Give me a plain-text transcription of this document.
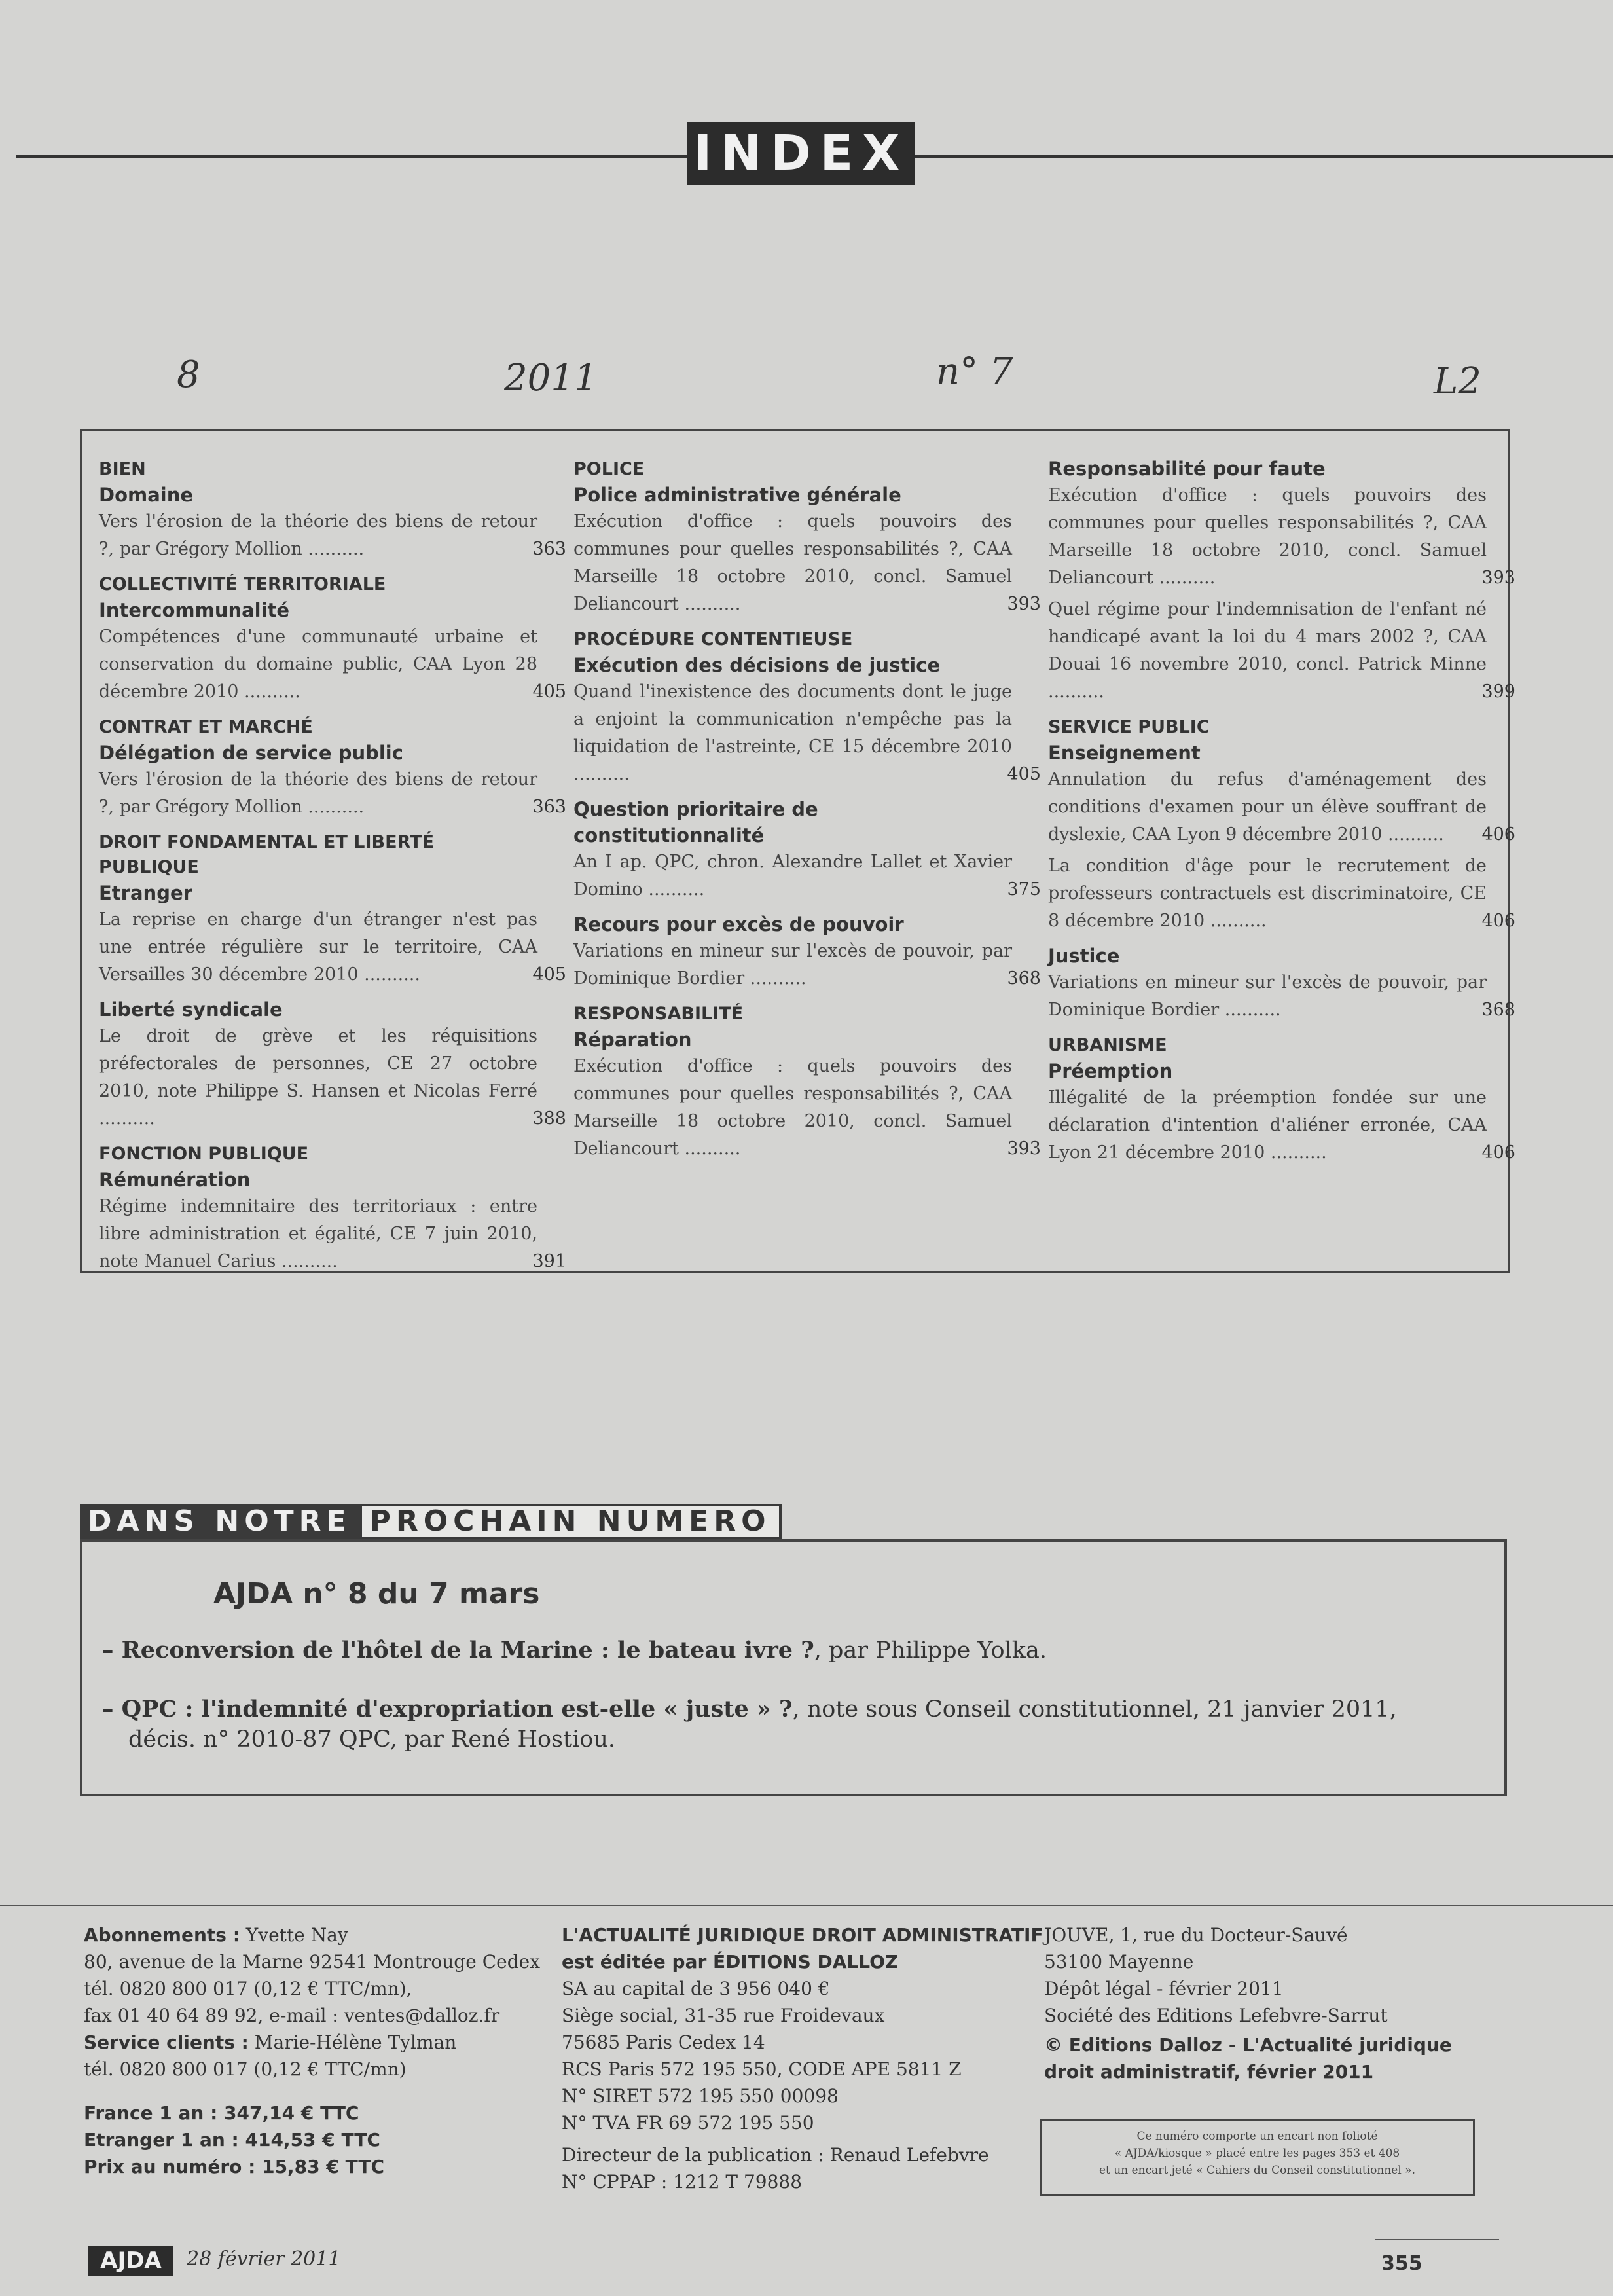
INDEX
8	2011	n° 7	L2
BIEN
Domaine
Vers l'érosion de la théorie des biens de retour ?, par Grégory Mollion ..........	363
COLLECTIVITÉ TERRITORIALE
Intercommunalité
Compétences d'une communauté urbaine et conservation du domaine public, CAA Lyon 28 décembre 2010 ..........	405
CONTRAT ET MARCHÉ
Délégation de service public
Vers l'érosion de la théorie des biens de retour ?, par Grégory Mollion ..........	363
DROIT FONDAMENTAL ET LIBERTÉ PUBLIQUE
Etranger
La reprise en charge d'un étranger n'est pas une entrée régulière sur le territoire, CAA Versailles 30 décembre 2010 ..........	405
Liberté syndicale
Le droit de grève et les réquisitions préfectorales de personnes, CE 27 octobre 2010, note Philippe S. Hansen et Nicolas Ferré ..........	388
FONCTION PUBLIQUE
Rémunération
Régime indemnitaire des territoriaux : entre libre administration et égalité, CE 7 juin 2010, note Manuel Carius ..........	391
POLICE
Police administrative générale
Exécution d'office : quels pouvoirs des communes pour quelles responsabilités ?, CAA Marseille 18 octobre 2010, concl. Samuel Deliancourt ..........	393
PROCÉDURE CONTENTIEUSE
Exécution des décisions de justice
Quand l'inexistence des documents dont le juge a enjoint la communication n'empêche pas la liquidation de l'astreinte, CE 15 décembre 2010 ..........	405
Question prioritaire de constitutionnalité
An I ap. QPC, chron. Alexandre Lallet et Xavier Domino ..........	375
Recours pour excès de pouvoir
Variations en mineur sur l'excès de pouvoir, par Dominique Bordier ..........	368
RESPONSABILITÉ
Réparation
Exécution d'office : quels pouvoirs des communes pour quelles responsabilités ?, CAA Marseille 18 octobre 2010, concl. Samuel Deliancourt ..........	393
Responsabilité pour faute
Exécution d'office : quels pouvoirs des communes pour quelles responsabilités ?, CAA Marseille 18 octobre 2010, concl. Samuel Deliancourt ..........	393
Quel régime pour l'indemnisation de l'enfant né handicapé avant la loi du 4 mars 2002 ?, CAA Douai 16 novembre 2010, concl. Patrick Minne ..........	399
SERVICE PUBLIC
Enseignement
Annulation du refus d'aménagement des conditions d'examen pour un élève souffrant de dyslexie, CAA Lyon 9 décembre 2010 .......... 406
La condition d'âge pour le recrutement de professeurs contractuels est discriminatoire, CE 8 décembre 2010 ..........	406
Justice
Variations en mineur sur l'excès de pouvoir, par Dominique Bordier ..........	368
URBANISME
Préemption
Illégalité de la préemption fondée sur une déclaration d'intention d'aliéner erronée, CAA Lyon 21 décembre 2010 ..........	406
DANS NOTRE PROCHAIN NUMERO
AJDA n° 8 du 7 mars
– Reconversion de l'hôtel de la Marine : le bateau ivre ?, par Philippe Yolka.
– QPC : l'indemnité d'expropriation est-elle « juste » ?, note sous Conseil constitutionnel, 21 janvier 2011,
décis. n° 2010-87 QPC, par René Hostiou.
Abonnements : Yvette Nay
80, avenue de la Marne 92541 Montrouge Cedex
tél. 0820 800 017 (0,12 € TTC/mn),
fax 01 40 64 89 92, e-mail : ventes@dalloz.fr
Service clients : Marie-Hélène Tylman
tél. 0820 800 017 (0,12 € TTC/mn)
France 1 an : 347,14 € TTC
Etranger 1 an : 414,53 € TTC
Prix au numéro : 15,83 € TTC
L'ACTUALITÉ JURIDIQUE DROIT ADMINISTRATIF
est éditée par ÉDITIONS DALLOZ
SA au capital de 3 956 040 €
Siège social, 31-35 rue Froidevaux
75685 Paris Cedex 14
RCS Paris 572 195 550, CODE APE 5811 Z
N° SIRET 572 195 550 00098
N° TVA FR 69 572 195 550
Directeur de la publication : Renaud Lefebvre
N° CPPAP : 1212 T 79888
JOUVE, 1, rue du Docteur-Sauvé
53100 Mayenne
Dépôt légal - février 2011
Société des Editions Lefebvre-Sarrut
© Editions Dalloz - L'Actualité juridique
droit administratif, février 2011
Ce numéro comporte un encart non folioté
« AJDA/kiosque » placé entre les pages 353 et 408
et un encart jeté « Cahiers du Conseil constitutionnel ».
AJDA	28 février 2011	355
